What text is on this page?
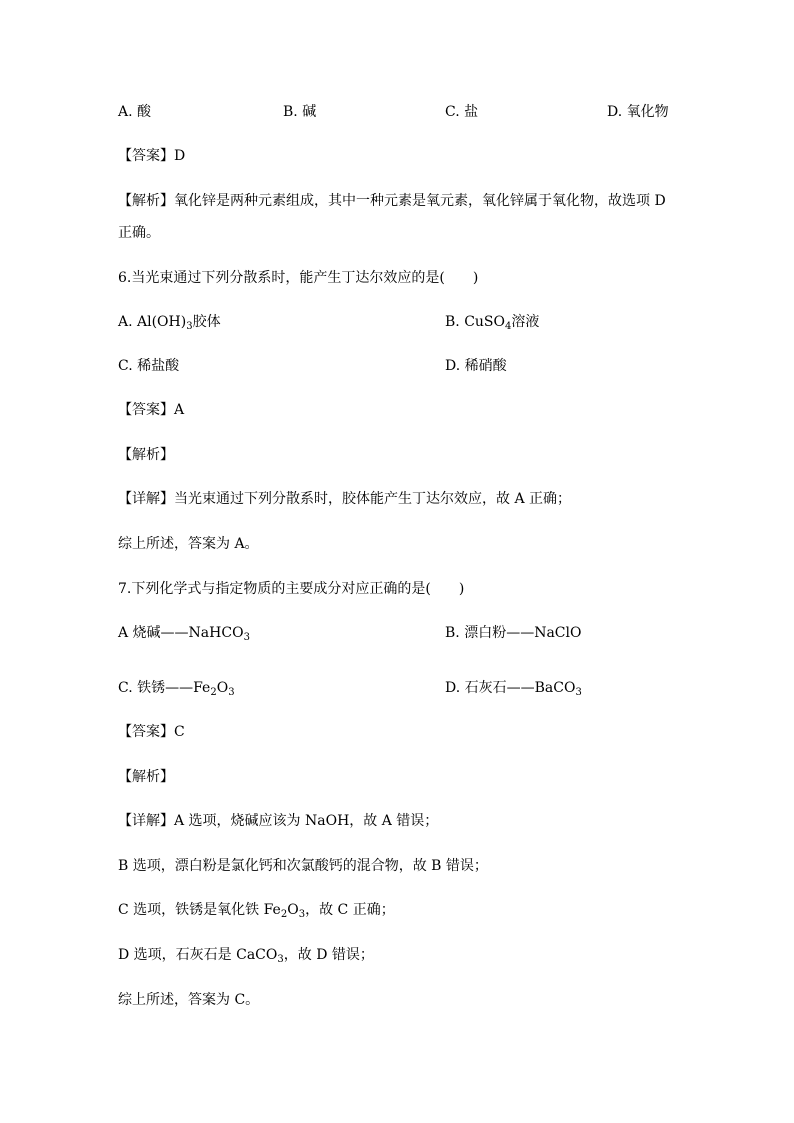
A. 酸	B. 碱	C. 盐	D. 氧化物
【答案】D
【解析】氧化锌是两种元素组成，其中一种元素是氧元素，氧化锌属于氧化物，故选项 D
正确。
6.当光束通过下列分散系时，能产生丁达尔效应的是(　　)
A. $Al(OH)_3$胶体	B. CuSO$_4$溶液
C. 稀盐酸	D. 稀硝酸
【答案】A
【解析】
【详解】当光束通过下列分散系时，胶体能产生丁达尔效应，故 A 正确；
综上所述，答案为 A。
7.下列化学式与指定物质的主要成分对应正确的是(　　)
A 烧碱——NaHCO$_3$	B. 漂白粉——NaClO
C. 铁锈$——Fe_2O_3$	D. 石灰石——BaCO$_3$
【答案】C
【解析】
【详解】A 选项，烧碱应该为 NaOH，故 A 错误；
B 选项，漂白粉是氯化钙和次氯酸钙的混合物，故 B 错误；
C 选项，铁锈是氧化铁 $Fe_2O_3$，故 C 正确；
D 选项，石灰石是 CaCO$_3$，故 D 错误；
综上所述，答案为 C。
